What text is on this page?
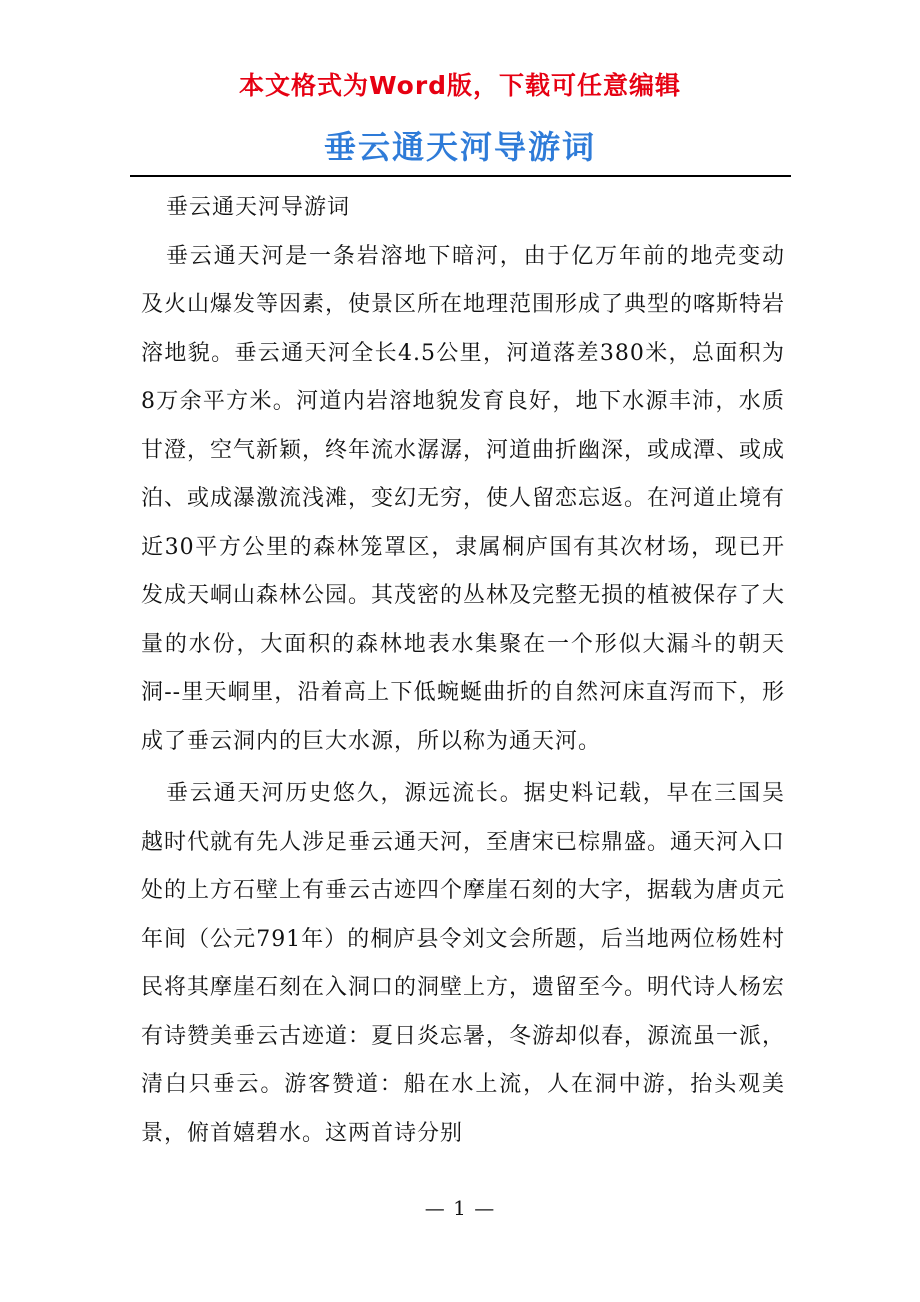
本文格式为Word版，下载可任意编辑
垂云通天河导游词

垂云通天河导游词

垂云通天河是一条岩溶地下暗河，由于亿万年前的地壳变动及火山爆发等因素，使景区所在地理范围形成了典型的喀斯特岩溶地貌。垂云通天河全长4.5公里，河道落差380米，总面积为8万余平方米。河道内岩溶地貌发育良好，地下水源丰沛，水质甘澄，空气新颖，终年流水潺潺，河道曲折幽深，或成潭、或成泊、或成瀑激流浅滩，变幻无穷，使人留恋忘返。在河道止境有近30平方公里的森林笼罩区，隶属桐庐国有其次材场，现已开发成天峒山森林公园。其茂密的丛林及完整无损的植被保存了大量的水份，大面积的森林地表水集聚在一个形似大漏斗的朝天洞--里天峒里，沿着高上下低蜿蜒曲折的自然河床直泻而下，形成了垂云洞内的巨大水源，所以称为通天河。

垂云通天河历史悠久，源远流长。据史料记载，早在三国吴越时代就有先人涉足垂云通天河，至唐宋已棕鼎盛。通天河入口处的上方石壁上有垂云古迹四个摩崖石刻的大字，据载为唐贞元年间（公元791年）的桐庐县令刘文会所题，后当地两位杨姓村民将其摩崖石刻在入洞口的洞壁上方，遗留至今。明代诗人杨宏有诗赞美垂云古迹道：夏日炎忘暑，冬游却似春，源流虽一派，清白只垂云。游客赞道：船在水上流，人在洞中游，抬头观美景，俯首嬉碧水。这两首诗分别

— 1 —
